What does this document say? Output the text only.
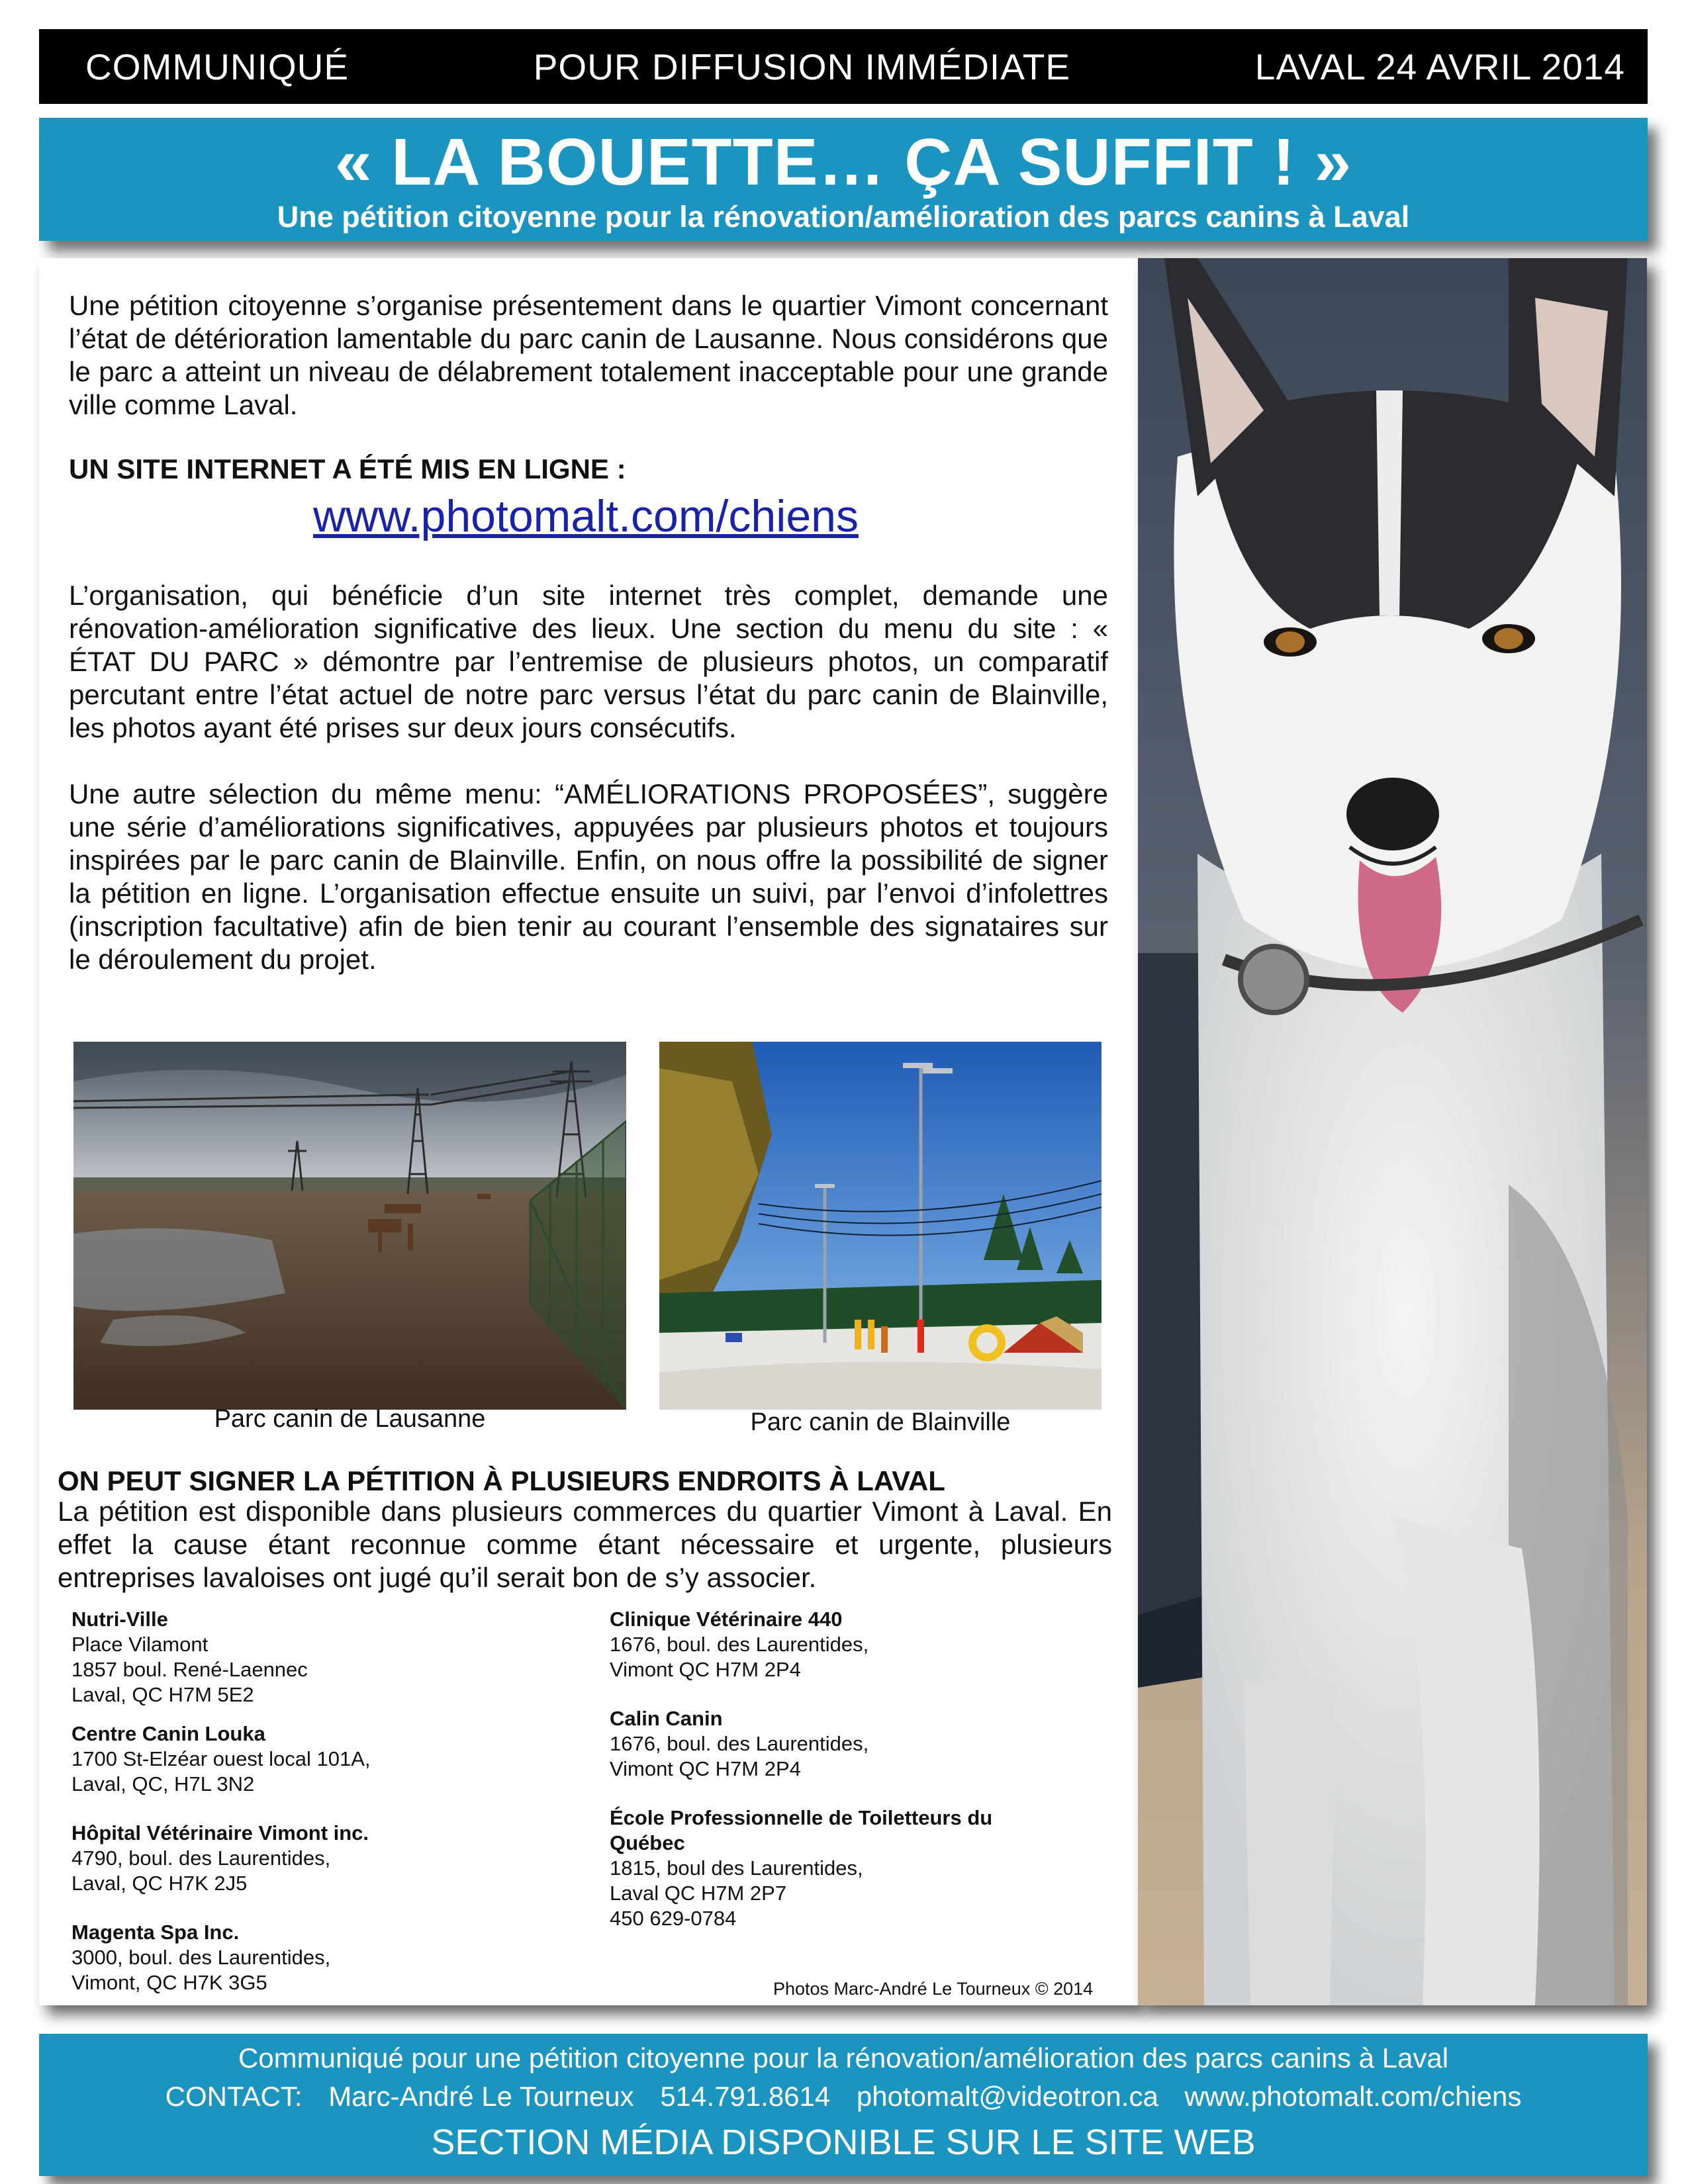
COMMUNIQUÉ	POUR DIFFUSION IMMÉDIATE	LAVAL 24 AVRIL 2014
« LA BOUETTE… ÇA SUFFIT ! »
Une pétition citoyenne pour la rénovation/amélioration des parcs canins à Laval

Une pétition citoyenne s’organise présentement dans le quartier Vimont concernant l’état de détérioration lamentable du parc canin de Lausanne. Nous considérons que le parc a atteint un niveau de délabrement totalement inacceptable pour une grande ville comme Laval.

UN SITE INTERNET A ÉTÉ MIS EN LIGNE :

www.photomalt.com/chiens

L’organisation, qui bénéficie d’un site internet très complet, demande une rénovation-amélioration significative des lieux. Une section du menu du site : « ÉTAT DU PARC » démontre par l’entremise de plusieurs photos, un comparatif percutant entre l’état actuel de notre parc versus l’état du parc canin de Blainville, les photos ayant été prises sur deux jours consécutifs.

Une autre sélection du même menu: “AMÉLIORATIONS PROPOSÉES”, suggère une série d’améliorations significatives, appuyées par plusieurs photos et toujours inspirées par le parc canin de Blainville. Enfin, on nous offre la possibilité de signer la pétition en ligne. L’organisation effectue ensuite un suivi, par l’envoi d’infolettres (inscription facultative) afin de bien tenir au courant l’ensemble des signataires sur le déroulement du projet.

Parc canin de Lausanne	Parc canin de Blainville

ON PEUT SIGNER LA PÉTITION À PLUSIEURS ENDROITS À LAVAL

La pétition est disponible dans plusieurs commerces du quartier Vimont à Laval. En effet la cause étant reconnue comme étant nécessaire et urgente, plusieurs entreprises lavaloises ont jugé qu’il serait bon de s’y associer.

Nutri-Ville
Place Vilamont
1857 boul. René-Laennec
Laval, QC H7M 5E2
Centre Canin Louka
1700 St-Elzéar ouest local 101A,
Laval, QC, H7L 3N2
Hôpital Vétérinaire Vimont inc.
4790, boul. des Laurentides,
Laval, QC H7K 2J5
Magenta Spa Inc.
3000, boul. des Laurentides,
Vimont, QC H7K 3G5
Clinique Vétérinaire 440
1676, boul. des Laurentides,
Vimont QC H7M 2P4
Calin Canin
1676, boul. des Laurentides,
Vimont QC H7M 2P4
École Professionnelle de Toiletteurs du Québec
1815, boul des Laurentides,
Laval QC H7M 2P7
450 629-0784
Photos Marc-André Le Tourneux © 2014
Communiqué pour une pétition citoyenne pour la rénovation/amélioration des parcs canins à Laval
CONTACT: Marc-André Le Tourneux 514.791.8614 photomalt@videotron.ca www.photomalt.com/chiens
SECTION MÉDIA DISPONIBLE SUR LE SITE WEB
